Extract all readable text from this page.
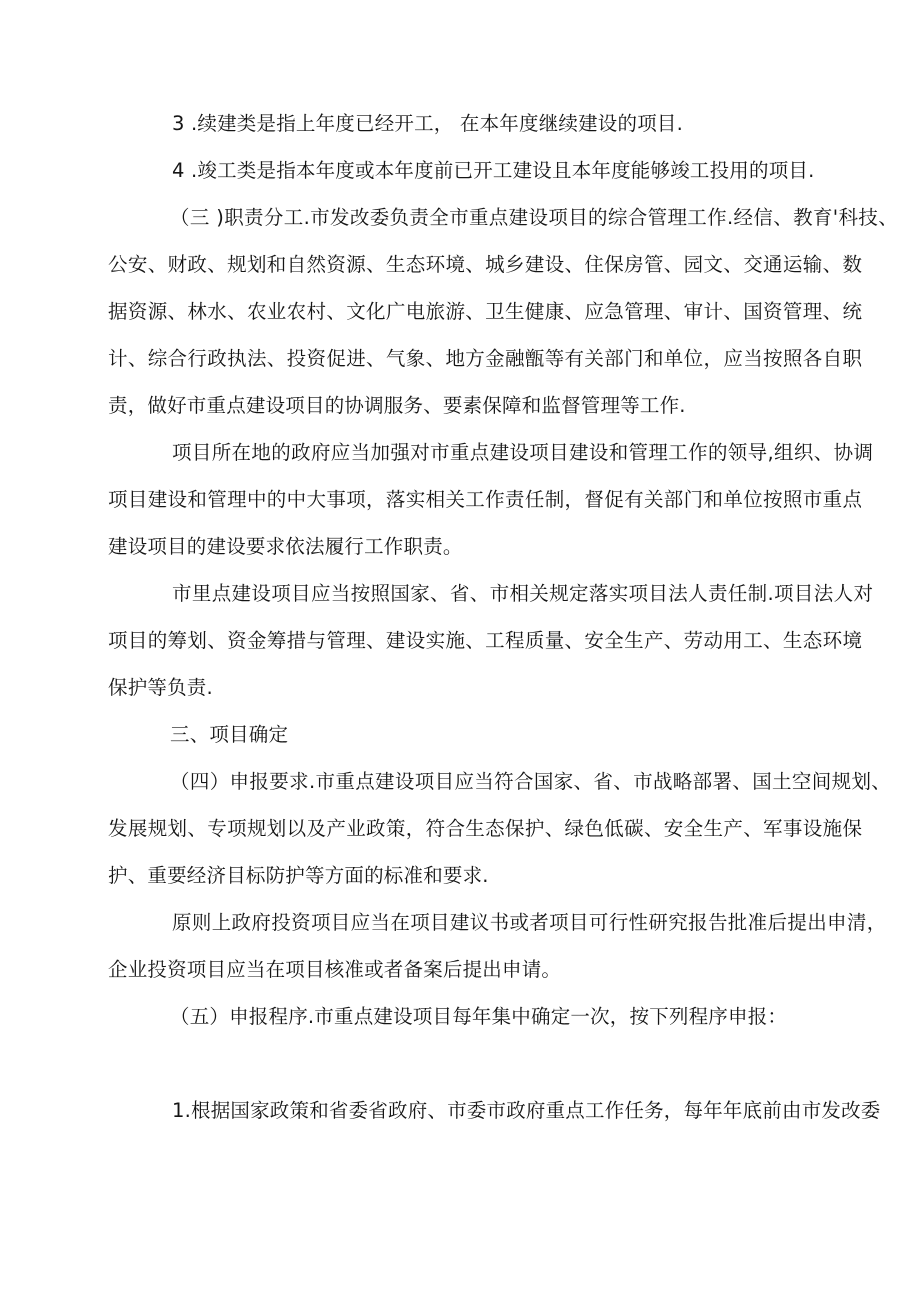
3 .续建类是指上年度已经开工， 在本年度继续建设的项目.
4 .竣工类是指本年度或本年度前已开工建设且本年度能够竣工投用的项目.
（三 )职责分工.市发改委负责全市重点建设项目的综合管理工作.经信、教育'科技、
公安、财政、规划和自然资源、生态环境、城乡建设、住保房管、园文、交通运输、数
据资源、林水、农业农村、文化广电旅游、卫生健康、应急管理、审计、国资管理、统
计、综合行政执法、投资促进、气象、地方金融甑等有关部门和单位，应当按照各自职
责，做好市重点建设项目的协调服务、要素保障和监督管理等工作.
项目所在地的政府应当加强对市重点建设项目建设和管理工作的领导,组织、协调
项目建设和管理中的中大事项，落实相关工作责任制，督促有关部门和单位按照市重点
建设项目的建设要求依法履行工作职责。
市里点建设项目应当按照国家、省、市相关规定落实项目法人责任制.项目法人对
项目的筹划、资金筹措与管理、建设实施、工程质量、安全生产、劳动用工、生态环境
保护等负责.
三、项目确定
（四）申报要求.市重点建设项目应当符合国家、省、市战略部署、国土空间规划、
发展规划、专项规划以及产业政策，符合生态保护、绿色低碳、安全生产、军事设施保
护、重要经济目标防护等方面的标准和要求.
原则上政府投资项目应当在项目建议书或者项目可行性研究报告批准后提出申清，
企业投资项目应当在项目核准或者备案后提出申请。
（五）申报程序.市重点建设项目每年集中确定一次，按下列程序申报：
1.根据国家政策和省委省政府、市委市政府重点工作任务，每年年底前由市发改委
